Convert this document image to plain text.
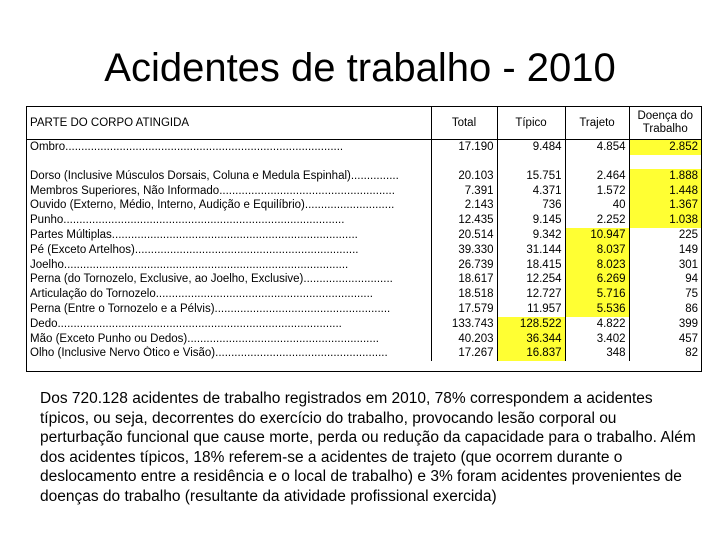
Acidentes de trabalho - 2010
PARTE DO CORPO ATINGIDA	Total	Típico	Trajeto	Doença do Trabalho
Ombro.......................................................................................	17.190	9.484	4.854	2.852

Dorso (Inclusive Músculos Dorsais, Coluna e Medula Espinhal)...............	20.103	15.751	2.464	1.888
Membros Superiores, Não Informado.......................................................	7.391	4.371	1.572	1.448
Ouvido (Externo, Médio, Interno, Audição e Equilíbrio)............................	2.143	736	40	1.367
Punho........................................................................................	12.435	9.145	2.252	1.038
Partes Múltiplas.............................................................................	20.514	9.342	10.947	225
Pé (Exceto Artelhos)......................................................................	39.330	31.144	8.037	149
Joelho.........................................................................................	26.739	18.415	8.023	301
Perna (do Tornozelo, Exclusive, ao Joelho, Exclusive)............................	18.617	12.254	6.269	94
Articulação do Tornozelo....................................................................	18.518	12.727	5.716	75
Perna (Entre o Tornozelo e a Pélvis).......................................................	17.579	11.957	5.536	86
Dedo.........................................................................................	133.743	128.522	4.822	399
Mão (Exceto Punho ou Dedos)............................................................	40.203	36.344	3.402	457
Olho (Inclusive Nervo Ótico e Visão)......................................................	17.267	16.837	348	82
Dos 720.128 acidentes de trabalho registrados em 2010, 78% correspondem a acidentes típicos, ou seja, decorrentes do exercício do trabalho, provocando lesão corporal ou perturbação funcional que cause morte, perda ou redução da capacidade para o trabalho. Além dos acidentes típicos, 18% referem-se a acidentes de trajeto (que ocorrem durante o deslocamento entre a residência e o local de trabalho) e 3% foram acidentes provenientes de doenças do trabalho (resultante da atividade profissional exercida)
